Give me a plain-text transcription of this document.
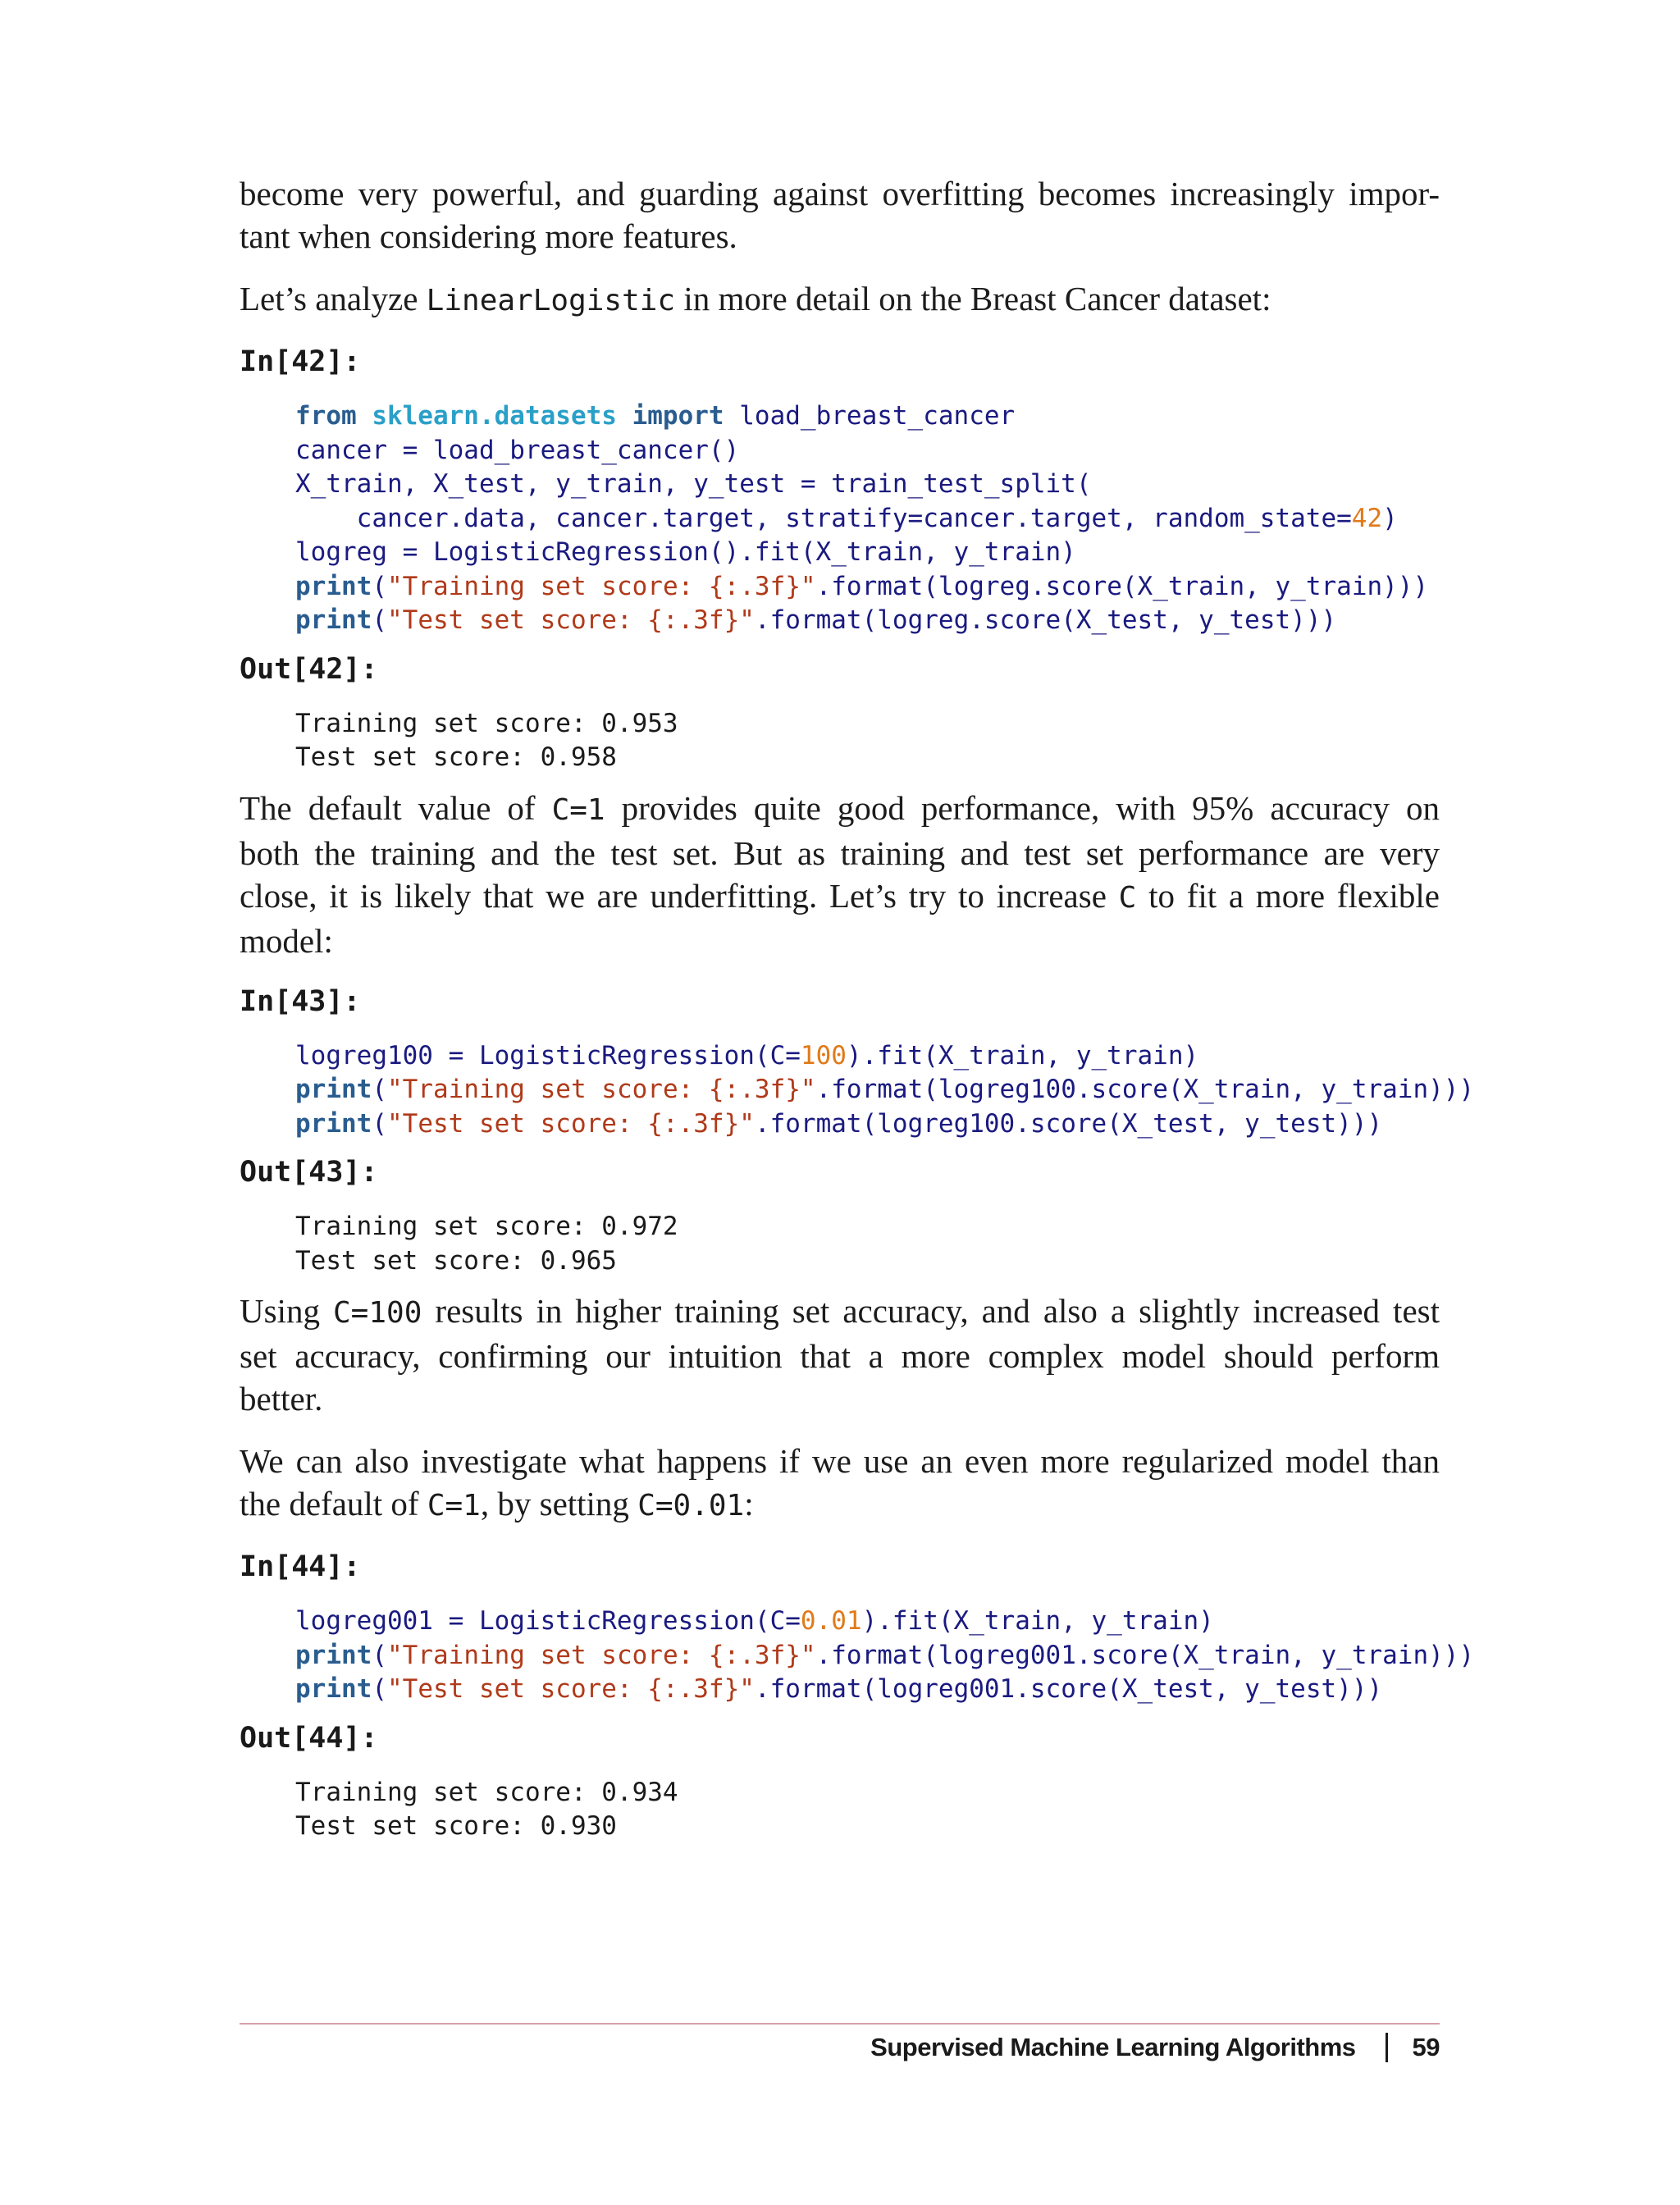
become very powerful, and guarding against overfitting becomes increasingly impor-
tant when considering more features.

Let’s analyze LinearLogistic in more detail on the Breast Cancer dataset:

In[42]:

from sklearn.datasets import load_breast_cancer
cancer = load_breast_cancer()
X_train, X_test, y_train, y_test = train_test_split(
cancer.data, cancer.target, stratify=cancer.target, random_state=42)
logreg = LogisticRegression().fit(X_train, y_train)
print("Training set score: {:.3f}".format(logreg.score(X_train, y_train)))
print("Test set score: {:.3f}".format(logreg.score(X_test, y_test)))

Out[42]:

Training set score: 0.953
Test set score: 0.958

The default value of C=1 provides quite good performance, with 95% accuracy on
both the training and the test set. But as training and test set performance are very
close, it is likely that we are underfitting. Let’s try to increase C to fit a more flexible
model:

In[43]:

logreg100 = LogisticRegression(C=100).fit(X_train, y_train)
print("Training set score: {:.3f}".format(logreg100.score(X_train, y_train)))
print("Test set score: {:.3f}".format(logreg100.score(X_test, y_test)))

Out[43]:

Training set score: 0.972
Test set score: 0.965

Using C=100 results in higher training set accuracy, and also a slightly increased test
set accuracy, confirming our intuition that a more complex model should perform
better.

We can also investigate what happens if we use an even more regularized model than
the default of C=1, by setting C=0.01:

In[44]:

logreg001 = LogisticRegression(C=0.01).fit(X_train, y_train)
print("Training set score: {:.3f}".format(logreg001.score(X_train, y_train)))
print("Test set score: {:.3f}".format(logreg001.score(X_test, y_test)))

Out[44]:

Training set score: 0.934
Test set score: 0.930
Supervised Machine Learning Algorithms 59
